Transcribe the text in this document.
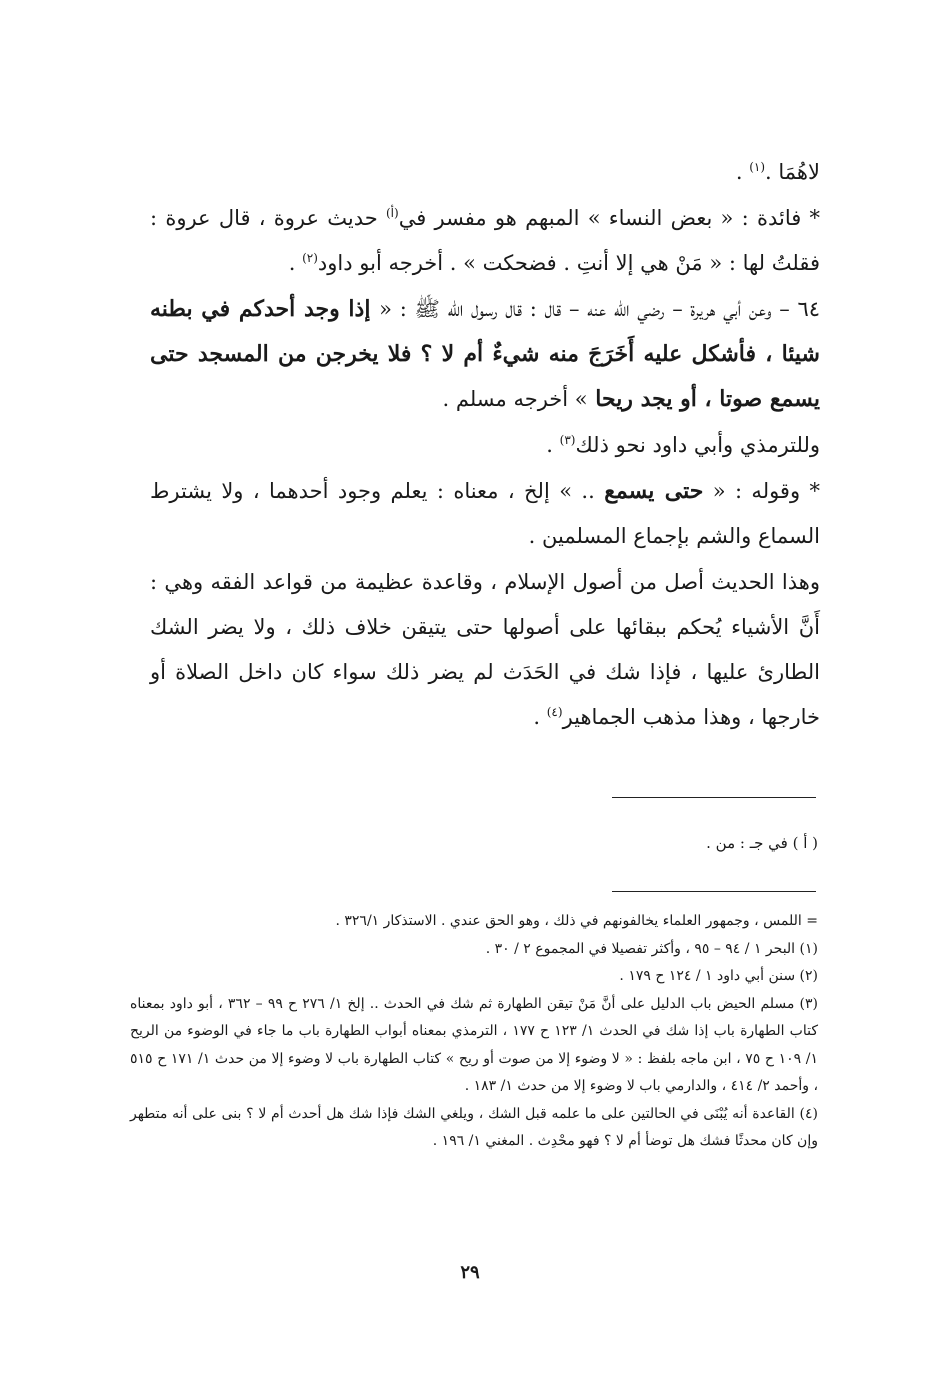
لاهُمَا .$^{(١)}$ .

* فائدة : « بعض النساء » المبهم هو مفسر في$^{(أ)}$ حديث عروة ، قال عروة : فقلتُ لها : « مَنْ هي إلا أنتِ . فضحكت » . أخرجه أبو داود$^{(٢)}$ .

٦٤ – وعن أبي هريرة – رضي الله عنه – قال : قال رسول الله ﷺ : « إذا وجد أحدكم في بطنه شيئا ، فأشكل عليه أَخَرَجَ منه شيءٌ أم لا ؟ فلا يخرجن من المسجد حتى يسمع صوتا ، أو يجد ريحا » أخرجه مسلم .

وللترمذي وأبي داود نحو ذلك$^{(٣)}$ .

* وقوله : « حتى يسمع .. » إلخ ، معناه : يعلم وجود أحدهما ، ولا يشترط السماع والشم بإجماع المسلمين .

وهذا الحديث أصل من أصول الإسلام ، وقاعدة عظيمة من قواعد الفقه وهي : أَنَّ الأشياء يُحكم ببقائها على أصولها حتى يتيقن خلاف ذلك ، ولا يضر الشك الطارئ عليها ، فإذا شك في الحَدَث لم يضر ذلك سواء كان داخل الصلاة أو خارجها ، وهذا مذهب الجماهير$^{(٤)}$ .

( أ ) في جـ : من .

= اللمس ، وجمهور العلماء يخالفونهم في ذلك ، وهو الحق عندي . الاستذكار ٣٢٦/١ .

(١) البحر ١ / ٩٤ – ٩٥ ، وأكثر تفصيلا في المجموع ٢ / ٣٠ .

(٢) سنن أبي داود ١ / ١٢٤ ح ١٧٩ .

(٣) مسلم الحيض باب الدليل على أنَّ مَنْ تيقن الطهارة ثم شك في الحدث .. إلخ ١/ ٢٧٦ ح ٩٩ – ٣٦٢ ، أبو داود بمعناه كتاب الطهارة باب إذا شك في الحدث ١/ ١٢٣ ح ١٧٧ ، الترمذي بمعناه أبواب الطهارة باب ما جاء في الوضوء من الريح ١/ ١٠٩ ح ٧٥ ، ابن ماجه بلفظ : « لا وضوء إلا من صوت أو ريح » كتاب الطهارة باب لا وضوء إلا من حدث ١/ ١٧١ ح ٥١٥ ، وأحمد ٢/ ٤١٤ ، والدارمي باب لا وضوء إلا من حدث ١/ ١٨٣ .

(٤) القاعدة أنه يُبْنَى في الحالتين على ما علمه قبل الشك ، ويلغي الشك فإذا شك هل أحدث أم لا ؟ بنى على أنه متطهر وإن كان محدثًا فشك هل توضأ أم لا ؟ فهو محْدِث . المغني ١/ ١٩٦ .

٢٩
